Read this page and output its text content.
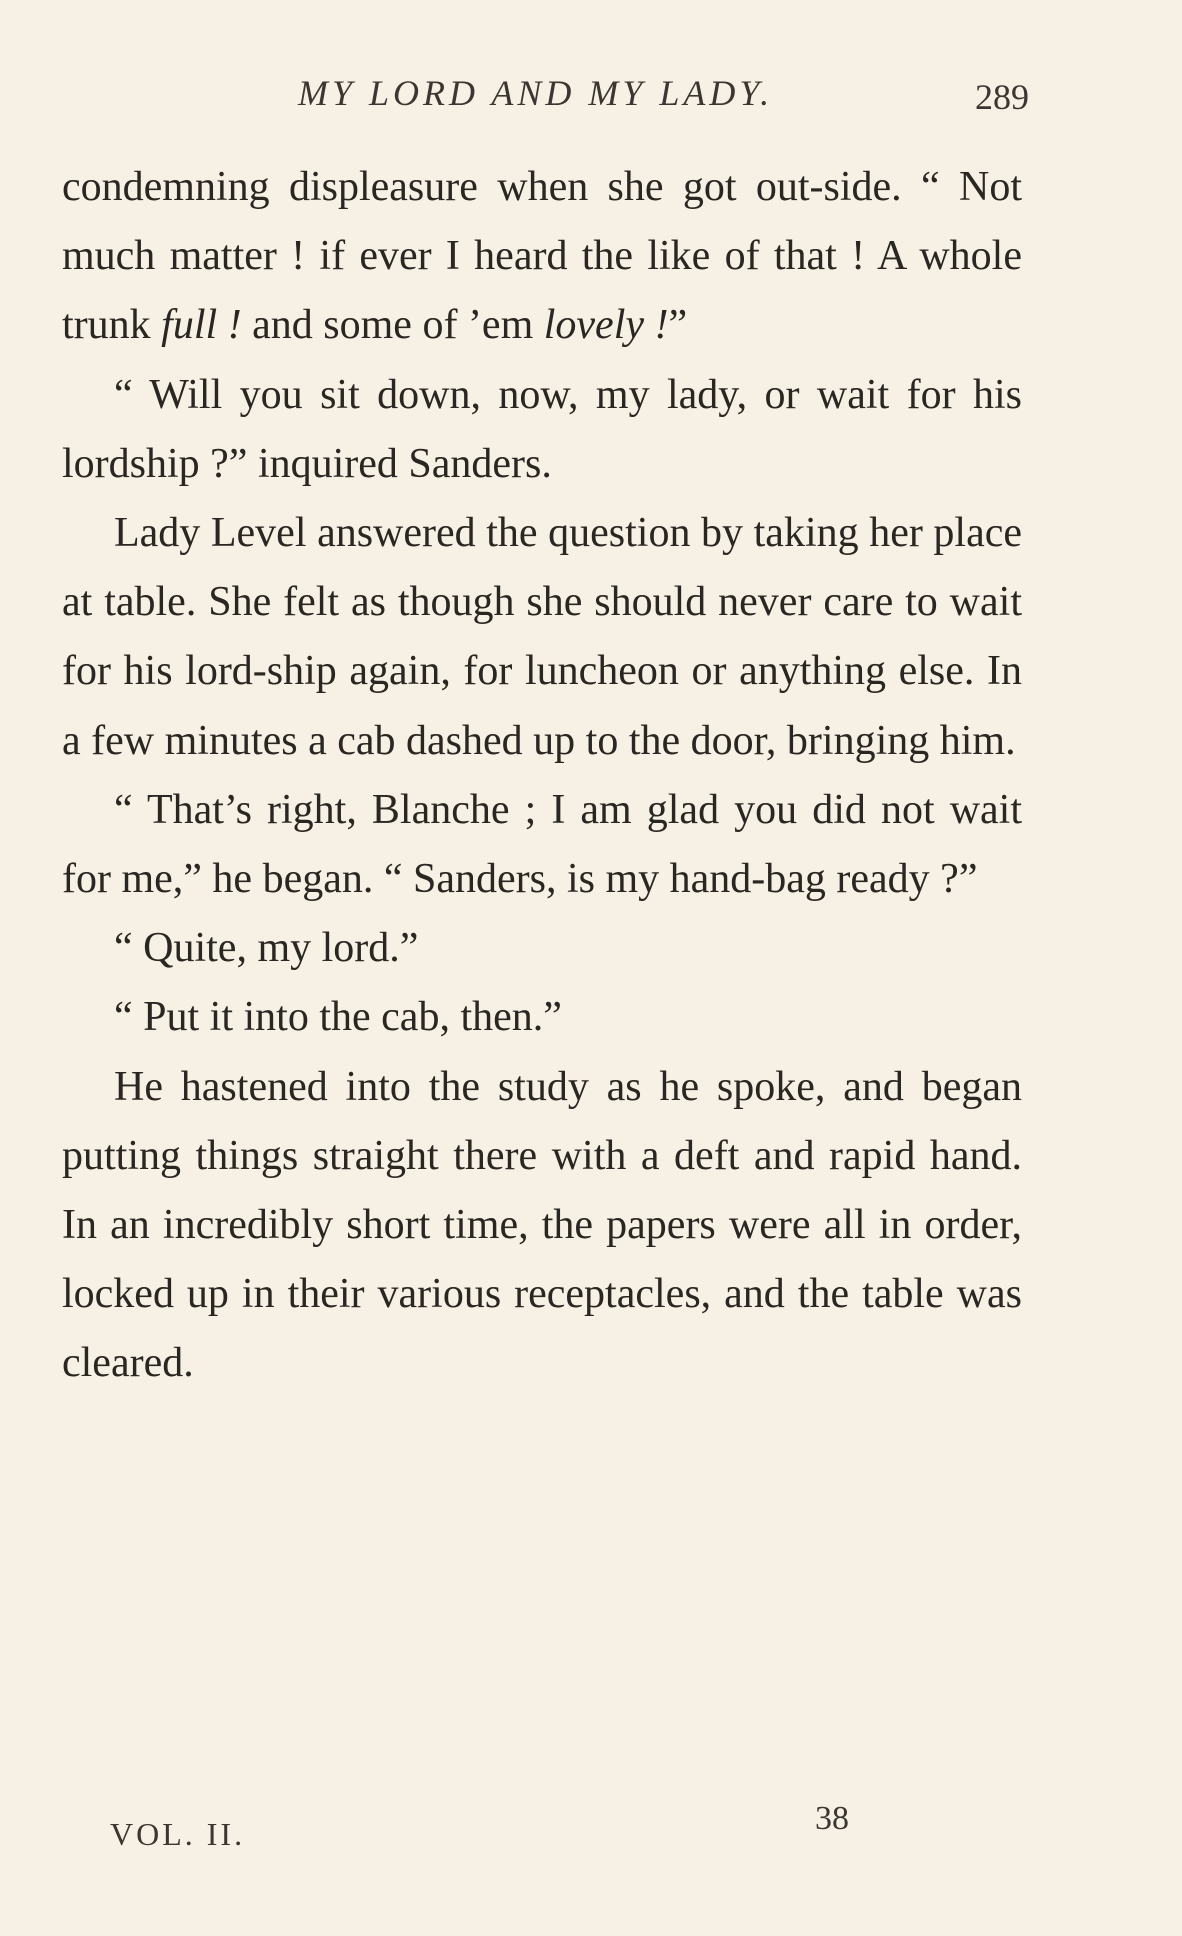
MY LORD AND MY LADY.	289

condemning displeasure when she got out-side. “ Not much matter ! if ever I heard the like of that ! A whole trunk full ! and some of ’em lovely !”

“ Will you sit down, now, my lady, or wait for his lordship ?” inquired Sanders.

Lady Level answered the question by taking her place at table. She felt as though she should never care to wait for his lord-ship again, for luncheon or anything else. In a few minutes a cab dashed up to the door, bringing him.

“ That’s right, Blanche ; I am glad you did not wait for me,” he began. “ Sanders, is my hand-bag ready ?”

“ Quite, my lord.”

“ Put it into the cab, then.”

He hastened into the study as he spoke, and began putting things straight there with a deft and rapid hand. In an incredibly short time, the papers were all in order, locked up in their various receptacles, and the table was cleared.

VOL. II.	38
